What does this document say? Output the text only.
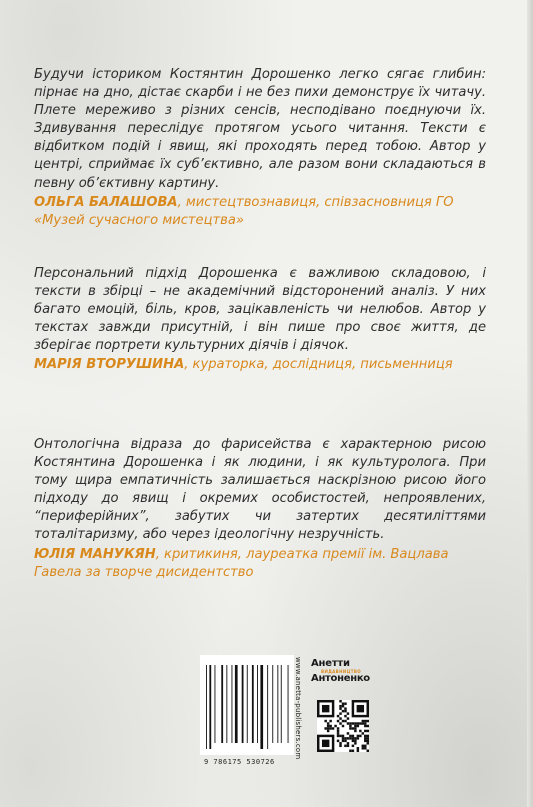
Будучи істориком Костянтин Дорошенко легко сягає глибин: пірнає на дно, дістає скарби і не без пихи демонструє їх читачу. Плете мереживо з різних сенсів, несподівано поєднуючи їх. Здивування переслідує протягом усього читання. Тексти є відбитком подій і явищ, які проходять перед тобою. Автор у центрі, сприймає їх суб’єктивно, але разом вони складаються в певну об’єктивну картину.

ОЛЬГА БАЛАШОВА, мистецтвознавиця, співзасновниця ГО «Музей сучасного мистецтва»

Персональний підхід Дорошенка є важливою складовою, і тексти в збірці – не академічний відсторонений аналіз. У них багато емоцій, біль, кров, зацікавленість чи нелюбов. Автор у текстах завжди присутній, і він пише про своє життя, де зберігає портрети культурних діячів і діячок.

МАРІЯ ВТОРУШИНА, кураторка, дослідниця, письменниця

Онтологічна відраза до фарисейства є характерною рисою Костянтина Дорошенка і як людини, і як культуролога. При тому щира емпатичність залишається наскрізною рисою його підходу до явищ і окремих особистостей, непроявлених, “периферійних”, забутих чи затертих десятиліттями тоталітаризму, або через ідеологічну незручність.

ЮЛІЯ МАНУКЯН, критикиня, лауреатка премії ім. Вацлава Гавела за творче дисидентство
9 786175 530726
www.anetta-publishers.com Анетти
ВИДАВНИЦТВО
Антоненко
